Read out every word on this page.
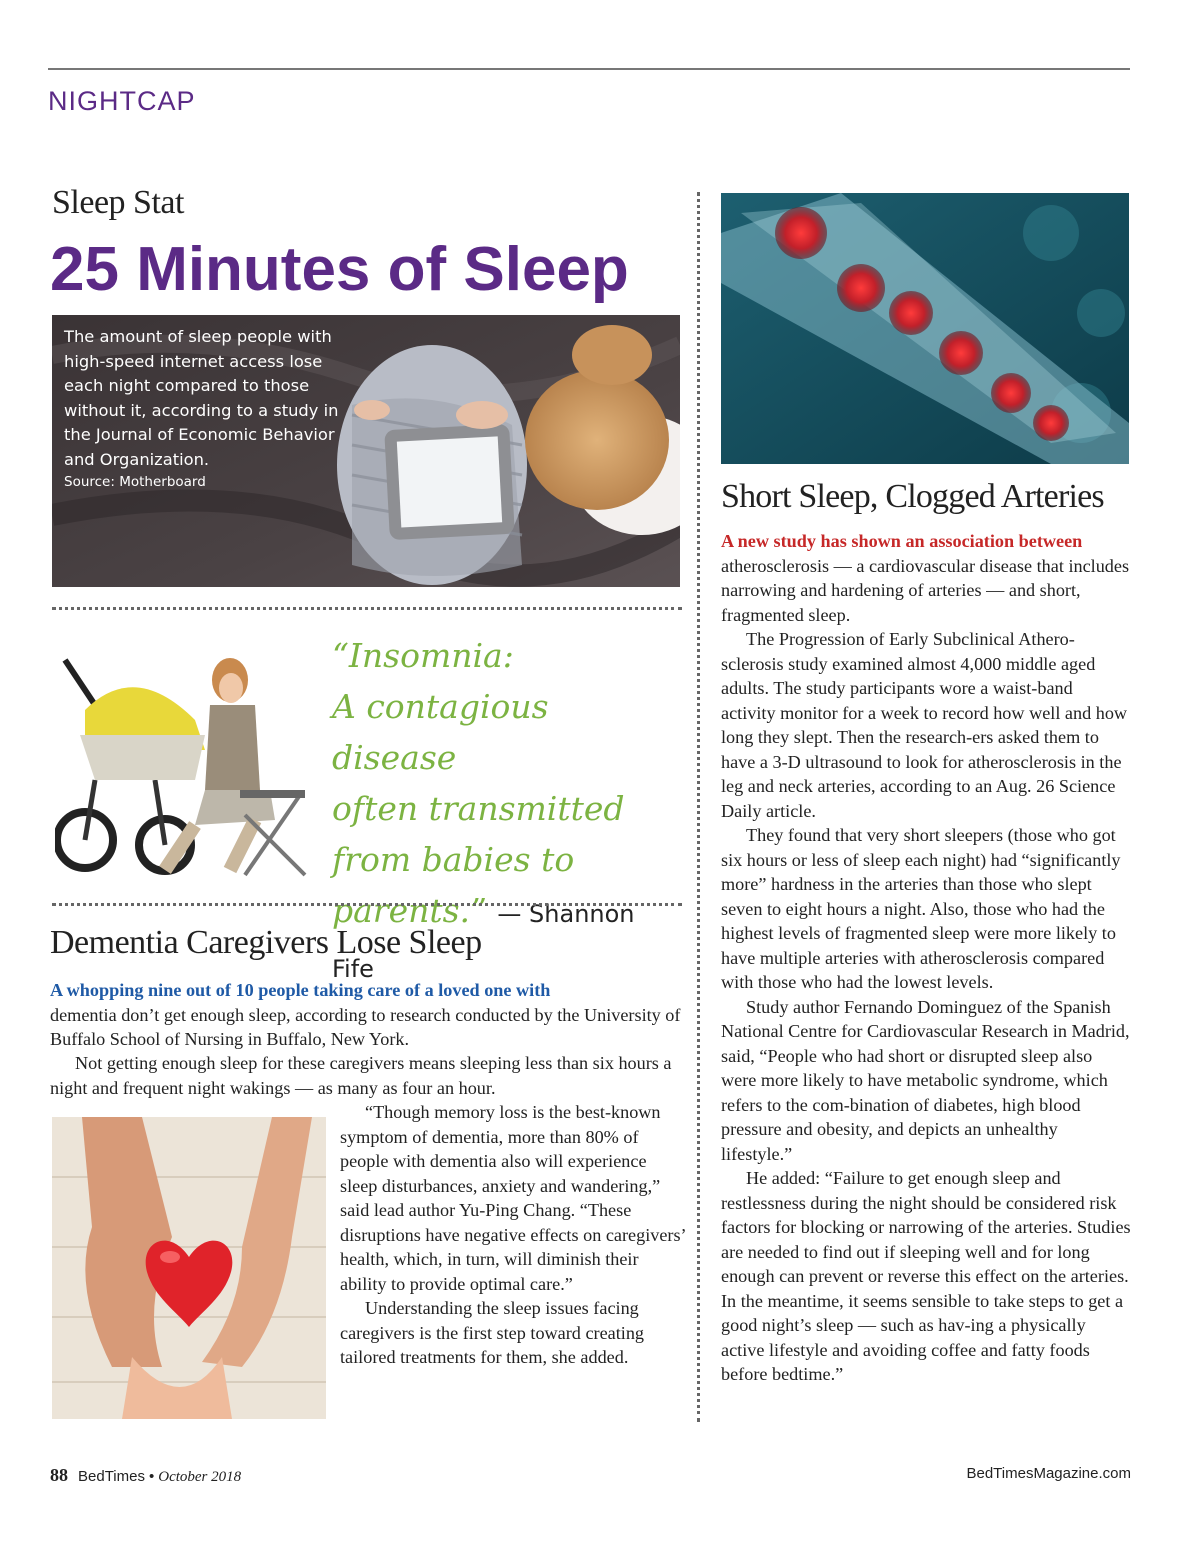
NIGHTCAP
Sleep Stat
25 Minutes of Sleep
The amount of sleep people with high-speed internet access lose each night compared to those without it, according to a study in the Journal of Economic Behavior and Organization.
Source: Motherboard
“Insomnia:
A contagious disease
often transmitted
from babies to
parents.” — Shannon Fife
Dementia Caregivers Lose Sleep
A whopping nine out of 10 people taking care of a loved one with
dementia don’t get enough sleep, according to research conducted by the University of Buffalo School of Nursing in Buffalo, New York.
Not getting enough sleep for these caregivers means sleeping less than six hours a night and frequent night wakings — as many as four an hour.

“Though memory loss is the best-known symptom of dementia, more than 80% of people with dementia also will experience sleep disturbances, anxiety and wandering,” said lead author Yu-Ping Chang. “These disruptions have negative effects on caregivers’ health, which, in turn, will diminish their ability to provide optimal care.”

Understanding the sleep issues facing caregivers is the first step toward creating tailored treatments for them, she added.

Short Sleep, Clogged Arteries

A new study has shown an association between
atherosclerosis — a cardiovascular disease that includes narrowing and hardening of arteries — and short, fragmented sleep.

The Progression of Early Subclinical Athero-sclerosis study examined almost 4,000 middle aged adults. The study participants wore a waist-band activity monitor for a week to record how well and how long they slept. Then the research-ers asked them to have a 3-D ultrasound to look for atherosclerosis in the leg and neck arteries, according to an Aug. 26 Science Daily article.

They found that very short sleepers (those who got six hours or less of sleep each night) had “significantly more” hardness in the arteries than those who slept seven to eight hours a night. Also, those who had the highest levels of fragmented sleep were more likely to have multiple arteries with atherosclerosis compared with those who had the lowest levels.

Study author Fernando Dominguez of the Spanish National Centre for Cardiovascular Research in Madrid, said, “People who had short or disrupted sleep also were more likely to have metabolic syndrome, which refers to the com-bination of diabetes, high blood pressure and obesity, and depicts an unhealthy lifestyle.”

He added: “Failure to get enough sleep and restlessness during the night should be considered risk factors for blocking or narrowing of the arteries. Studies are needed to find out if sleeping well and for long enough can prevent or reverse this effect on the arteries. In the meantime, it seems sensible to take steps to get a good night’s sleep — such as hav-ing a physically active lifestyle and avoiding coffee and fatty foods before bedtime.”

88 BedTimes • October 2018	BedTimesMagazine.com
